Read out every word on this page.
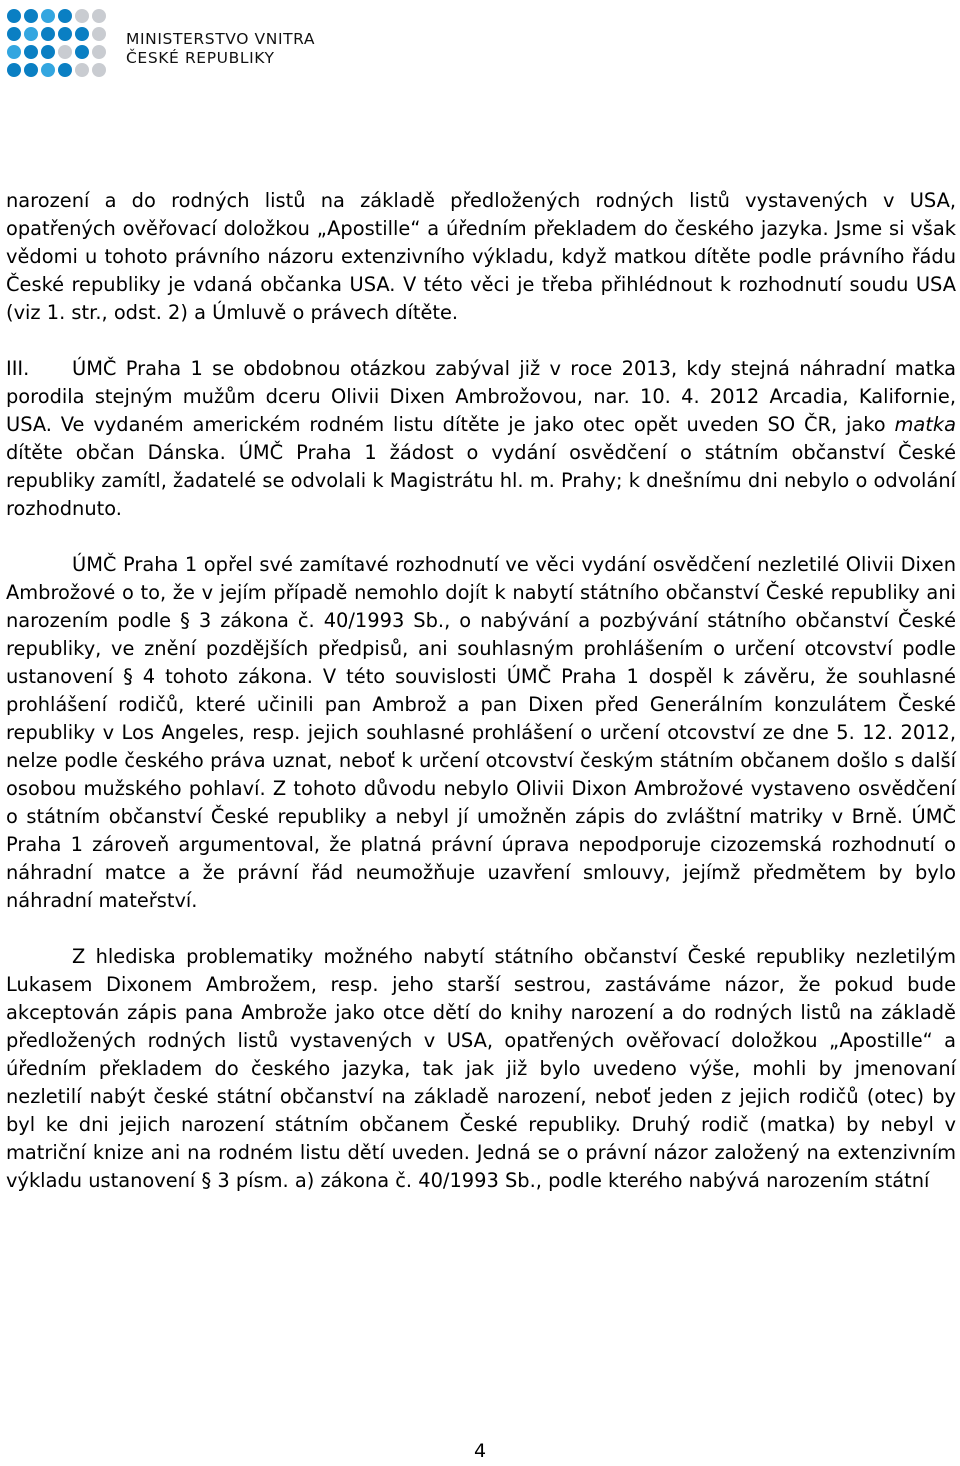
MINISTERSTVO VNITRA
ČESKÉ REPUBLIKY

narození a do rodných listů na základě předložených rodných listů vystavených v USA, opatřených ověřovací doložkou „Apostille“ a úředním překladem do českého jazyka. Jsme si však vědomi u tohoto právního názoru extenzivního výkladu, když matkou dítěte podle právního řádu České republiky je vdaná občanka USA. V této věci je třeba přihlédnout k rozhodnutí soudu USA (viz 1. str., odst. 2) a Úmluvě o právech dítěte.

III. ÚMČ Praha 1 se obdobnou otázkou zabýval již v roce 2013, kdy stejná náhradní matka porodila stejným mužům dceru Olivii Dixen Ambrožovou, nar. 10. 4. 2012 Arcadia, Kalifornie, USA. Ve vydaném americkém rodném listu dítěte je jako otec opět uveden SO ČR, jako matka dítěte občan Dánska. ÚMČ Praha 1 žádost o vydání osvědčení o státním občanství České republiky zamítl, žadatelé se odvolali k Magistrátu hl. m. Prahy; k dnešnímu dni nebylo o odvolání rozhodnuto.

ÚMČ Praha 1 opřel své zamítavé rozhodnutí ve věci vydání osvědčení nezletilé Olivii Dixen Ambrožové o to, že v jejím případě nemohlo dojít k nabytí státního občanství České republiky ani narozením podle § 3 zákona č. 40/1993 Sb., o nabývání a pozbývání státního občanství České republiky, ve znění pozdějších předpisů, ani souhlasným prohlášením o určení otcovství podle ustanovení § 4 tohoto zákona. V této souvislosti ÚMČ Praha 1 dospěl k závěru, že souhlasné prohlášení rodičů, které učinili pan Ambrož a pan Dixen před Generálním konzulátem České republiky v Los Angeles, resp. jejich souhlasné prohlášení o určení otcovství ze dne 5. 12. 2012, nelze podle českého práva uznat, neboť k určení otcovství českým státním občanem došlo s další osobou mužského pohlaví. Z tohoto důvodu nebylo Olivii Dixon Ambrožové vystaveno osvědčení o státním občanství České republiky a nebyl jí umožněn zápis do zvláštní matriky v Brně. ÚMČ Praha 1 zároveň argumentoval, že platná právní úprava nepodporuje cizozemská rozhodnutí o náhradní matce a že právní řád neumožňuje uzavření smlouvy, jejímž předmětem by bylo náhradní mateřství.

Z hlediska problematiky možného nabytí státního občanství České republiky nezletilým Lukasem Dixonem Ambrožem, resp. jeho starší sestrou, zastáváme názor, že pokud bude akceptován zápis pana Ambrože jako otce dětí do knihy narození a do rodných listů na základě předložených rodných listů vystavených v USA, opatřených ověřovací doložkou „Apostille“ a úředním překladem do českého jazyka, tak jak již bylo uvedeno výše, mohli by jmenovaní nezletilí nabýt české státní občanství na základě narození, neboť jeden z jejich rodičů (otec) by byl ke dni jejich narození státním občanem České republiky. Druhý rodič (matka) by nebyl v matriční knize ani na rodném listu dětí uveden. Jedná se o právní názor založený na extenzivním výkladu ustanovení § 3 písm. a) zákona č. 40/1993 Sb., podle kterého nabývá narozením státní

4
